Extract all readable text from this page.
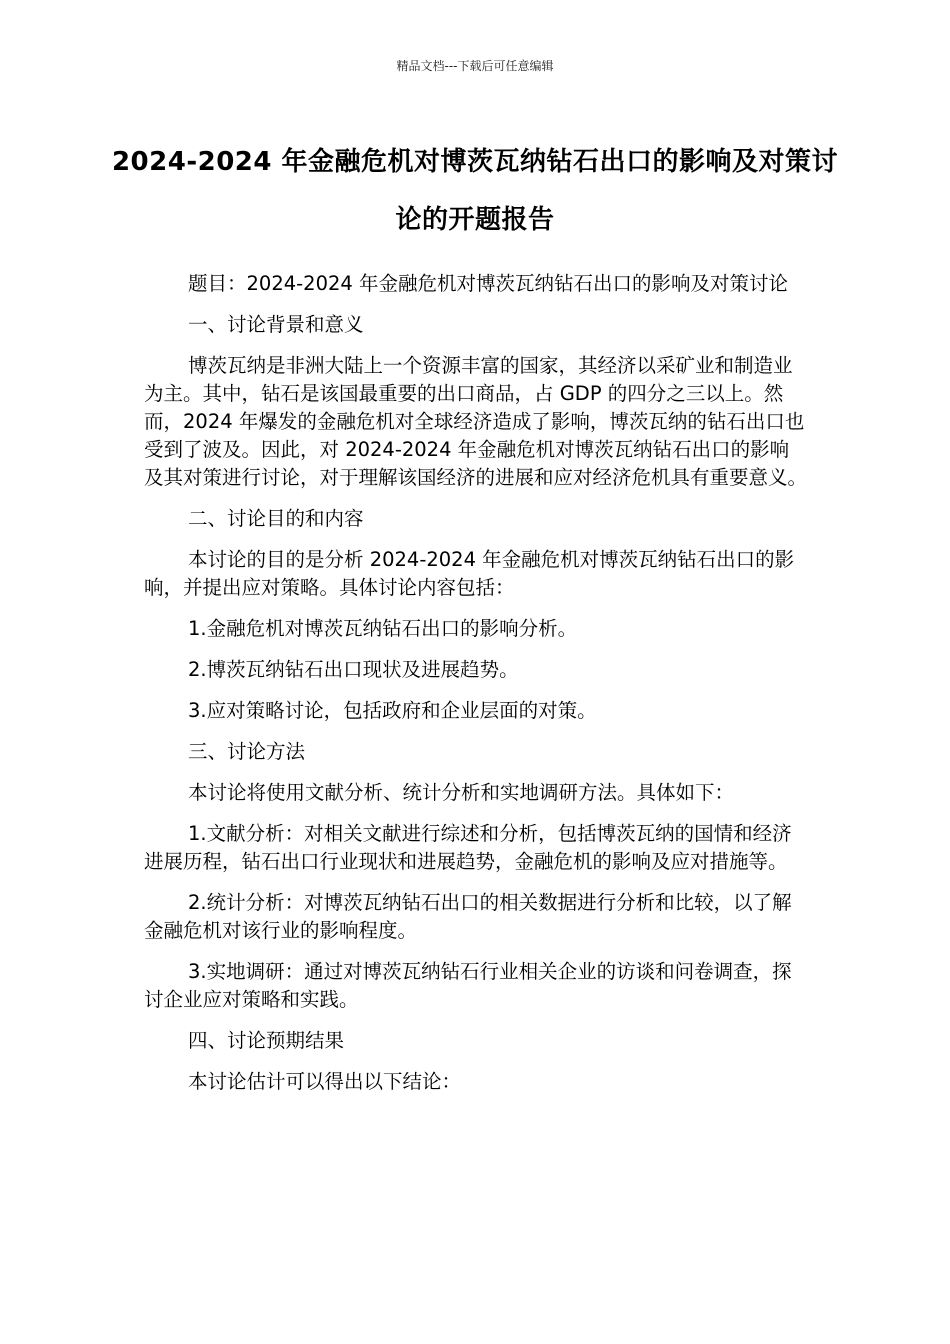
精品文档---下载后可任意编辑
2024-2024 年金融危机对博茨瓦纳钻石出口的影响及对策讨论的开题报告

题目：2024-2024 年金融危机对博茨瓦纳钻石出口的影响及对策讨论

一、讨论背景和意义

博茨瓦纳是非洲大陆上一个资源丰富的国家，其经济以采矿业和制造业为主。其中，钻石是该国最重要的出口商品，占 GDP 的四分之三以上。然而，2024 年爆发的金融危机对全球经济造成了影响，博茨瓦纳的钻石出口也受到了波及。因此，对 2024-2024 年金融危机对博茨瓦纳钻石出口的影响及其对策进行讨论，对于理解该国经济的进展和应对经济危机具有重要意义。

二、讨论目的和内容

本讨论的目的是分析 2024-2024 年金融危机对博茨瓦纳钻石出口的影响，并提出应对策略。具体讨论内容包括：

1.金融危机对博茨瓦纳钻石出口的影响分析。

2.博茨瓦纳钻石出口现状及进展趋势。

3.应对策略讨论，包括政府和企业层面的对策。

三、讨论方法

本讨论将使用文献分析、统计分析和实地调研方法。具体如下：

1.文献分析：对相关文献进行综述和分析，包括博茨瓦纳的国情和经济进展历程，钻石出口行业现状和进展趋势，金融危机的影响及应对措施等。

2.统计分析：对博茨瓦纳钻石出口的相关数据进行分析和比较，以了解金融危机对该行业的影响程度。

3.实地调研：通过对博茨瓦纳钻石行业相关企业的访谈和问卷调查，探讨企业应对策略和实践。

四、讨论预期结果

本讨论估计可以得出以下结论：
